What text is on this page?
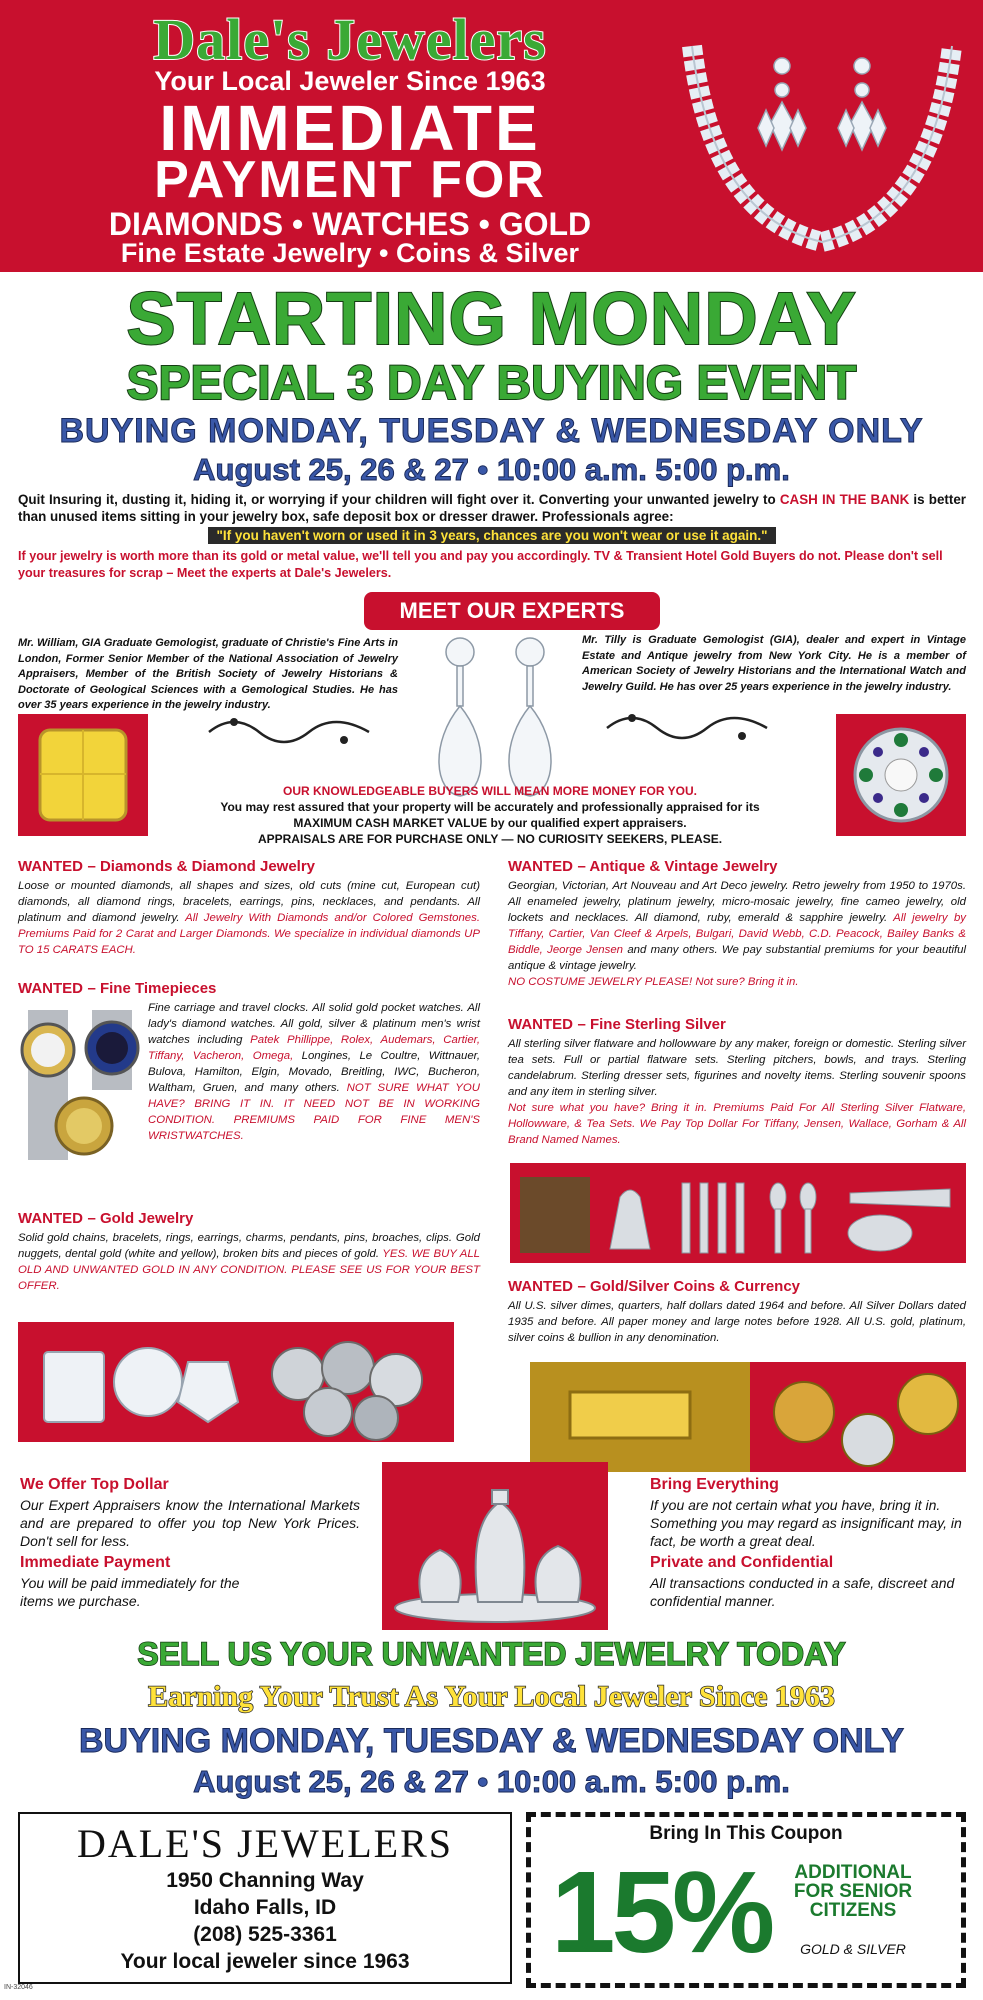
Dale's Jewelers
Your Local Jeweler Since 1963
IMMEDIATE
PAYMENT FOR
DIAMONDS • WATCHES • GOLD
Fine Estate Jewelry • Coins & Silver
STARTING MONDAY
SPECIAL 3 DAY BUYING EVENT
BUYING MONDAY, TUESDAY & WEDNESDAY ONLY
August 25, 26 & 27 • 10:00 a.m. 5:00 p.m.
Quit Insuring it, dusting it, hiding it, or worrying if your children will fight over it. Converting your unwanted jewelry to CASH IN THE BANK is better than unused items sitting in your jewelry box, safe deposit box or dresser drawer. Professionals agree:
"If you haven't worn or used it in 3 years, chances are you won't wear or use it again."
If your jewelry is worth more than its gold or metal value, we'll tell you and pay you accordingly. TV & Transient Hotel Gold Buyers do not. Please don't sell your treasures for scrap – Meet the experts at Dale's Jewelers.
MEET OUR EXPERTS
Mr. William, GIA Graduate Gemologist, graduate of Christie's Fine Arts in London, Former Senior Member of the National Association of Jewelry Appraisers, Member of the British Society of Jewelry Historians & Doctorate of Geological Sciences with a Gemological Studies. He has over 35 years experience in the jewelry industry.
Mr. Tilly is Graduate Gemologist (GIA), dealer and expert in Vintage Estate and Antique jewelry from New York City. He is a member of American Society of Jewelry Historians and the International Watch and Jewelry Guild. He has over 25 years experience in the jewelry industry.
OUR KNOWLEDGEABLE BUYERS WILL MEAN MORE MONEY FOR YOU.
You may rest assured that your property will be accurately and professionally appraised for its MAXIMUM CASH MARKET VALUE by our qualified expert appraisers.
APPRAISALS ARE FOR PURCHASE ONLY — NO CURIOSITY SEEKERS, PLEASE.
WANTED – Diamonds & Diamond Jewelry
Loose or mounted diamonds, all shapes and sizes, old cuts (mine cut, European cut) diamonds, all diamond rings, bracelets, earrings, pins, necklaces, and pendants. All platinum and diamond jewelry. All Jewelry With Diamonds and/or Colored Gemstones. Premiums Paid for 2 Carat and Larger Diamonds. We specialize in individual diamonds UP TO 15 CARATS EACH.
WANTED – Fine Timepieces
Fine carriage and travel clocks. All solid gold pocket watches. All lady's diamond watches. All gold, silver & platinum men's wrist watches including Patek Phillippe, Rolex, Audemars, Cartier, Tiffany, Vacheron, Omega, Longines, Le Coultre, Wittnauer, Bulova, Hamilton, Elgin, Movado, Breitling, IWC, Bucheron, Waltham, Gruen, and many others. NOT SURE WHAT YOU HAVE? BRING IT IN. IT NEED NOT BE IN WORKING CONDITION. PREMIUMS PAID FOR FINE MEN'S WRISTWATCHES.
WANTED – Gold Jewelry
Solid gold chains, bracelets, rings, earrings, charms, pendants, pins, broaches, clips. Gold nuggets, dental gold (white and yellow), broken bits and pieces of gold. YES. WE BUY ALL OLD AND UNWANTED GOLD IN ANY CONDITION. PLEASE SEE US FOR YOUR BEST OFFER.
WANTED – Antique & Vintage Jewelry
Georgian, Victorian, Art Nouveau and Art Deco jewelry. Retro jewelry from 1950 to 1970s. All enameled jewelry, platinum jewelry, micro-mosaic jewelry, fine cameo jewelry, old lockets and necklaces. All diamond, ruby, emerald & sapphire jewelry. All jewelry by Tiffany, Cartier, Van Cleef & Arpels, Bulgari, David Webb, C.D. Peacock, Bailey Banks & Biddle, Jeorge Jensen and many others. We pay substantial premiums for your beautiful antique & vintage jewelry.
NO COSTUME JEWELRY PLEASE! Not sure? Bring it in.
WANTED – Fine Sterling Silver
All sterling silver flatware and hollowware by any maker, foreign or domestic. Sterling silver tea sets. Full or partial flatware sets. Sterling pitchers, bowls, and trays. Sterling candelabrum. Sterling dresser sets, figurines and novelty items. Sterling souvenir spoons and any item in sterling silver.
Not sure what you have? Bring it in. Premiums Paid For All Sterling Silver Flatware, Hollowware, & Tea Sets. We Pay Top Dollar For Tiffany, Jensen, Wallace, Gorham & All Brand Named Names.
WANTED – Gold/Silver Coins & Currency
All U.S. silver dimes, quarters, half dollars dated 1964 and before. All Silver Dollars dated 1935 and before. All paper money and large notes before 1928. All U.S. gold, platinum, silver coins & bullion in any denomination.
We Offer Top Dollar
Our Expert Appraisers know the International Markets and are prepared to offer you top New York Prices. Don't sell for less.
Immediate Payment
You will be paid immediately for the items we purchase.
Bring Everything
If you are not certain what you have, bring it in. Something you may regard as insignificant may, in fact, be worth a great deal.
Private and Confidential
All transactions conducted in a safe, discreet and confidential manner.
SELL US YOUR UNWANTED JEWELRY TODAY
Earning Your Trust As Your Local Jeweler Since 1963
BUYING MONDAY, TUESDAY & WEDNESDAY ONLY
August 25, 26 & 27 • 10:00 a.m. 5:00 p.m.
DALE'S JEWELERS
1950 Channing Way
Idaho Falls, ID
(208) 525-3361
Your local jeweler since 1963
Bring In This Coupon
15%	ADDITIONAL
FOR SENIOR CITIZENS
GOLD & SILVER
IN-32046
